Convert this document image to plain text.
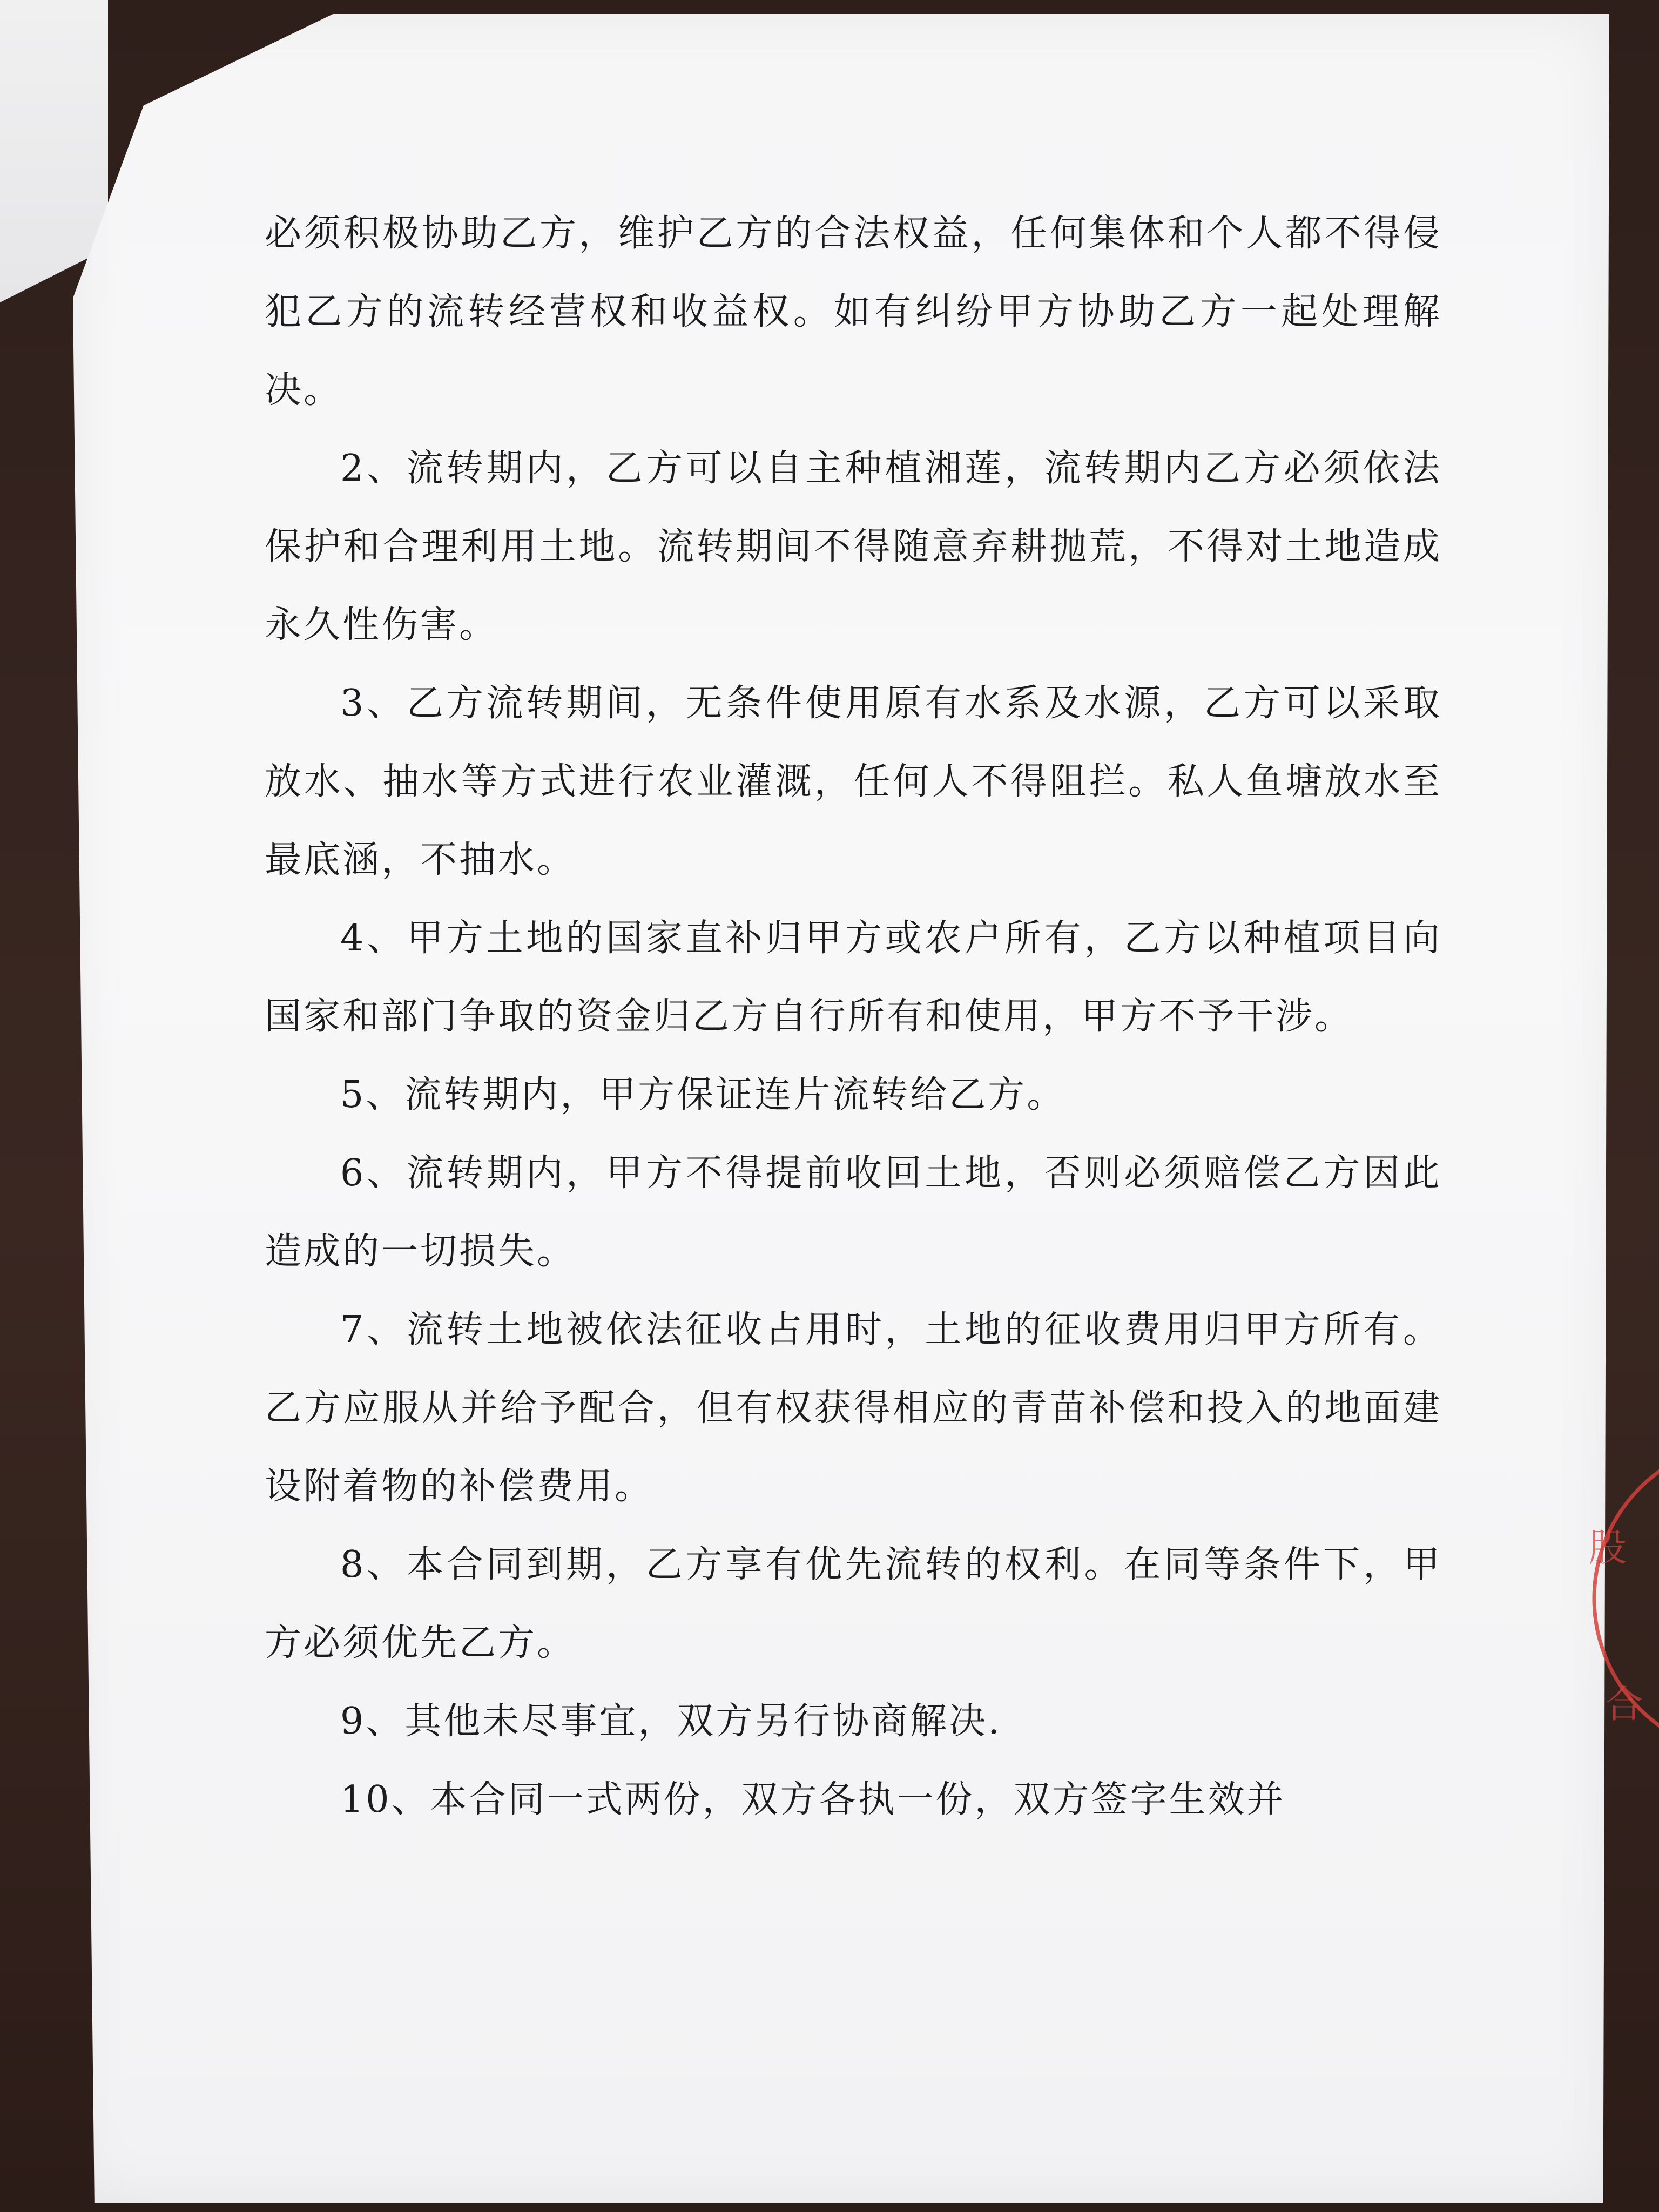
必须积极协助乙方，维护乙方的合法权益，任何集体和个人都不得侵犯乙方的流转经营权和收益权。如有纠纷甲方协助乙方一起处理解决。

2、流转期内，乙方可以自主种植湘莲，流转期内乙方必须依法保护和合理利用土地。流转期间不得随意弃耕抛荒，不得对土地造成永久性伤害。

3、乙方流转期间，无条件使用原有水系及水源，乙方可以采取放水、抽水等方式进行农业灌溉，任何人不得阻拦。私人鱼塘放水至最底涵，不抽水。

4、甲方土地的国家直补归甲方或农户所有，乙方以种植项目向国家和部门争取的资金归乙方自行所有和使用，甲方不予干涉。

5、流转期内，甲方保证连片流转给乙方。

6、流转期内，甲方不得提前收回土地，否则必须赔偿乙方因此造成的一切损失。

7、流转土地被依法征收占用时，土地的征收费用归甲方所有。乙方应服从并给予配合，但有权获得相应的青苗补偿和投入的地面建设附着物的补偿费用。

8、本合同到期，乙方享有优先流转的权利。在同等条件下，甲方必须优先乙方。

9、其他未尽事宜，双方另行协商解决.

10、本合同一式两份，双方各执一份，双方签字生效并

股
合
